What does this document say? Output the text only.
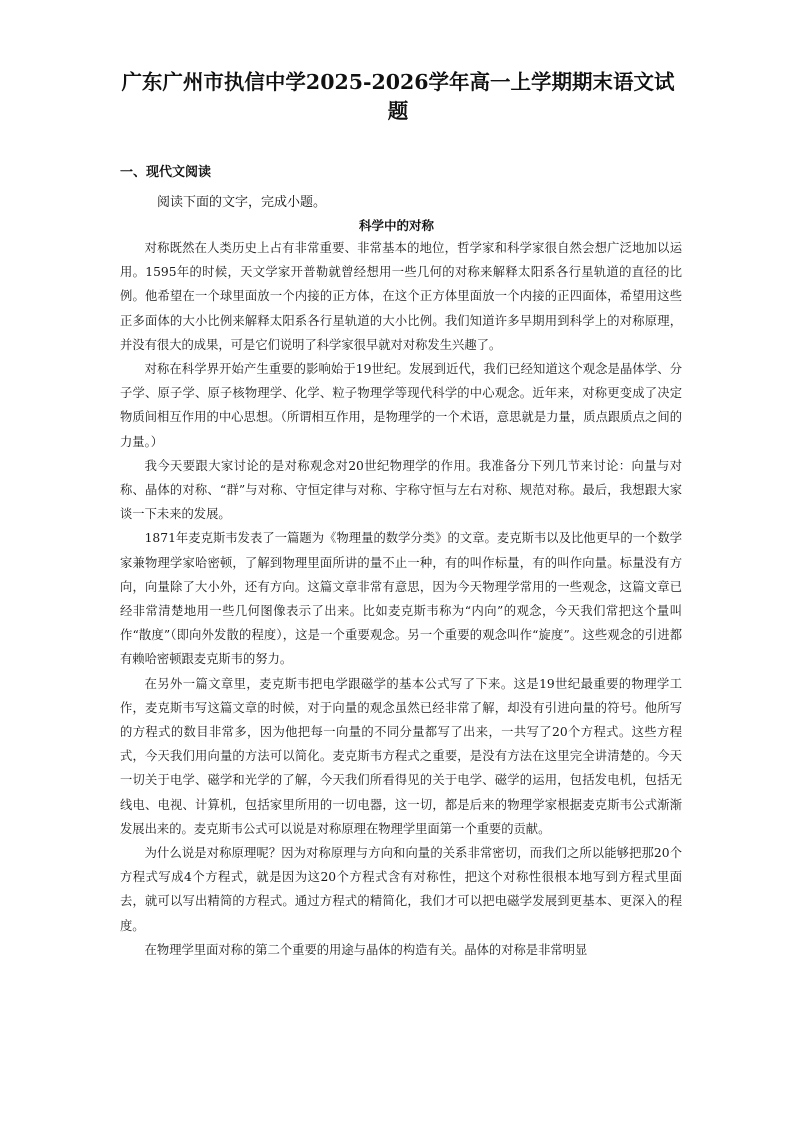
广东广州市执信中学2025-2026学年高一上学期期末语文试题
一、现代文阅读
阅读下面的文字，完成小题。
科学中的对称

对称既然在人类历史上占有非常重要、非常基本的地位，哲学家和科学家很自然会想广泛地加以运用。1595年的时候，天文学家开普勒就曾经想用一些几何的对称来解释太阳系各行星轨道的直径的比例。他希望在一个球里面放一个内接的正方体，在这个正方体里面放一个内接的正四面体，希望用这些正多面体的大小比例来解释太阳系各行星轨道的大小比例。我们知道许多早期用到科学上的对称原理，并没有很大的成果，可是它们说明了科学家很早就对对称发生兴趣了。

对称在科学界开始产生重要的影响始于19世纪。发展到近代，我们已经知道这个观念是晶体学、分子学、原子学、原子核物理学、化学、粒子物理学等现代科学的中心观念。近年来，对称更变成了决定物质间相互作用的中心思想。（所谓相互作用，是物理学的一个术语，意思就是力量，质点跟质点之间的力量。）

我今天要跟大家讨论的是对称观念对20世纪物理学的作用。我准备分下列几节来讨论：向量与对称、晶体的对称、“群”与对称、守恒定律与对称、宇称守恒与左右对称、规范对称。最后，我想跟大家谈一下未来的发展。

1871年麦克斯韦发表了一篇题为《物理量的数学分类》的文章。麦克斯韦以及比他更早的一个数学家兼物理学家哈密顿，了解到物理里面所讲的量不止一种，有的叫作标量，有的叫作向量。标量没有方向，向量除了大小外，还有方向。这篇文章非常有意思，因为今天物理学常用的一些观念，这篇文章已经非常清楚地用一些几何图像表示了出来。比如麦克斯韦称为“内向”的观念，今天我们常把这个量叫作“散度”（即向外发散的程度），这是一个重要观念。另一个重要的观念叫作“旋度”。这些观念的引进都有赖哈密顿跟麦克斯韦的努力。

在另外一篇文章里，麦克斯韦把电学跟磁学的基本公式写了下来。这是19世纪最重要的物理学工作，麦克斯韦写这篇文章的时候，对于向量的观念虽然已经非常了解，却没有引进向量的符号。他所写的方程式的数目非常多，因为他把每一向量的不同分量都写了出来，一共写了20个方程式。这些方程式，今天我们用向量的方法可以简化。麦克斯韦方程式之重要，是没有方法在这里完全讲清楚的。今天一切关于电学、磁学和光学的了解，今天我们所看得见的关于电学、磁学的运用，包括发电机，包括无线电、电视、计算机，包括家里所用的一切电器，这一切，都是后来的物理学家根据麦克斯韦公式渐渐发展出来的。麦克斯韦公式可以说是对称原理在物理学里面第一个重要的贡献。

为什么说是对称原理呢？因为对称原理与方向和向量的关系非常密切，而我们之所以能够把那20个方程式写成4个方程式，就是因为这20个方程式含有对称性，把这个对称性很根本地写到方程式里面去，就可以写出精简的方程式。通过方程式的精简化，我们才可以把电磁学发展到更基本、更深入的程度。

在物理学里面对称的第二个重要的用途与晶体的构造有关。晶体的对称是非常明显
